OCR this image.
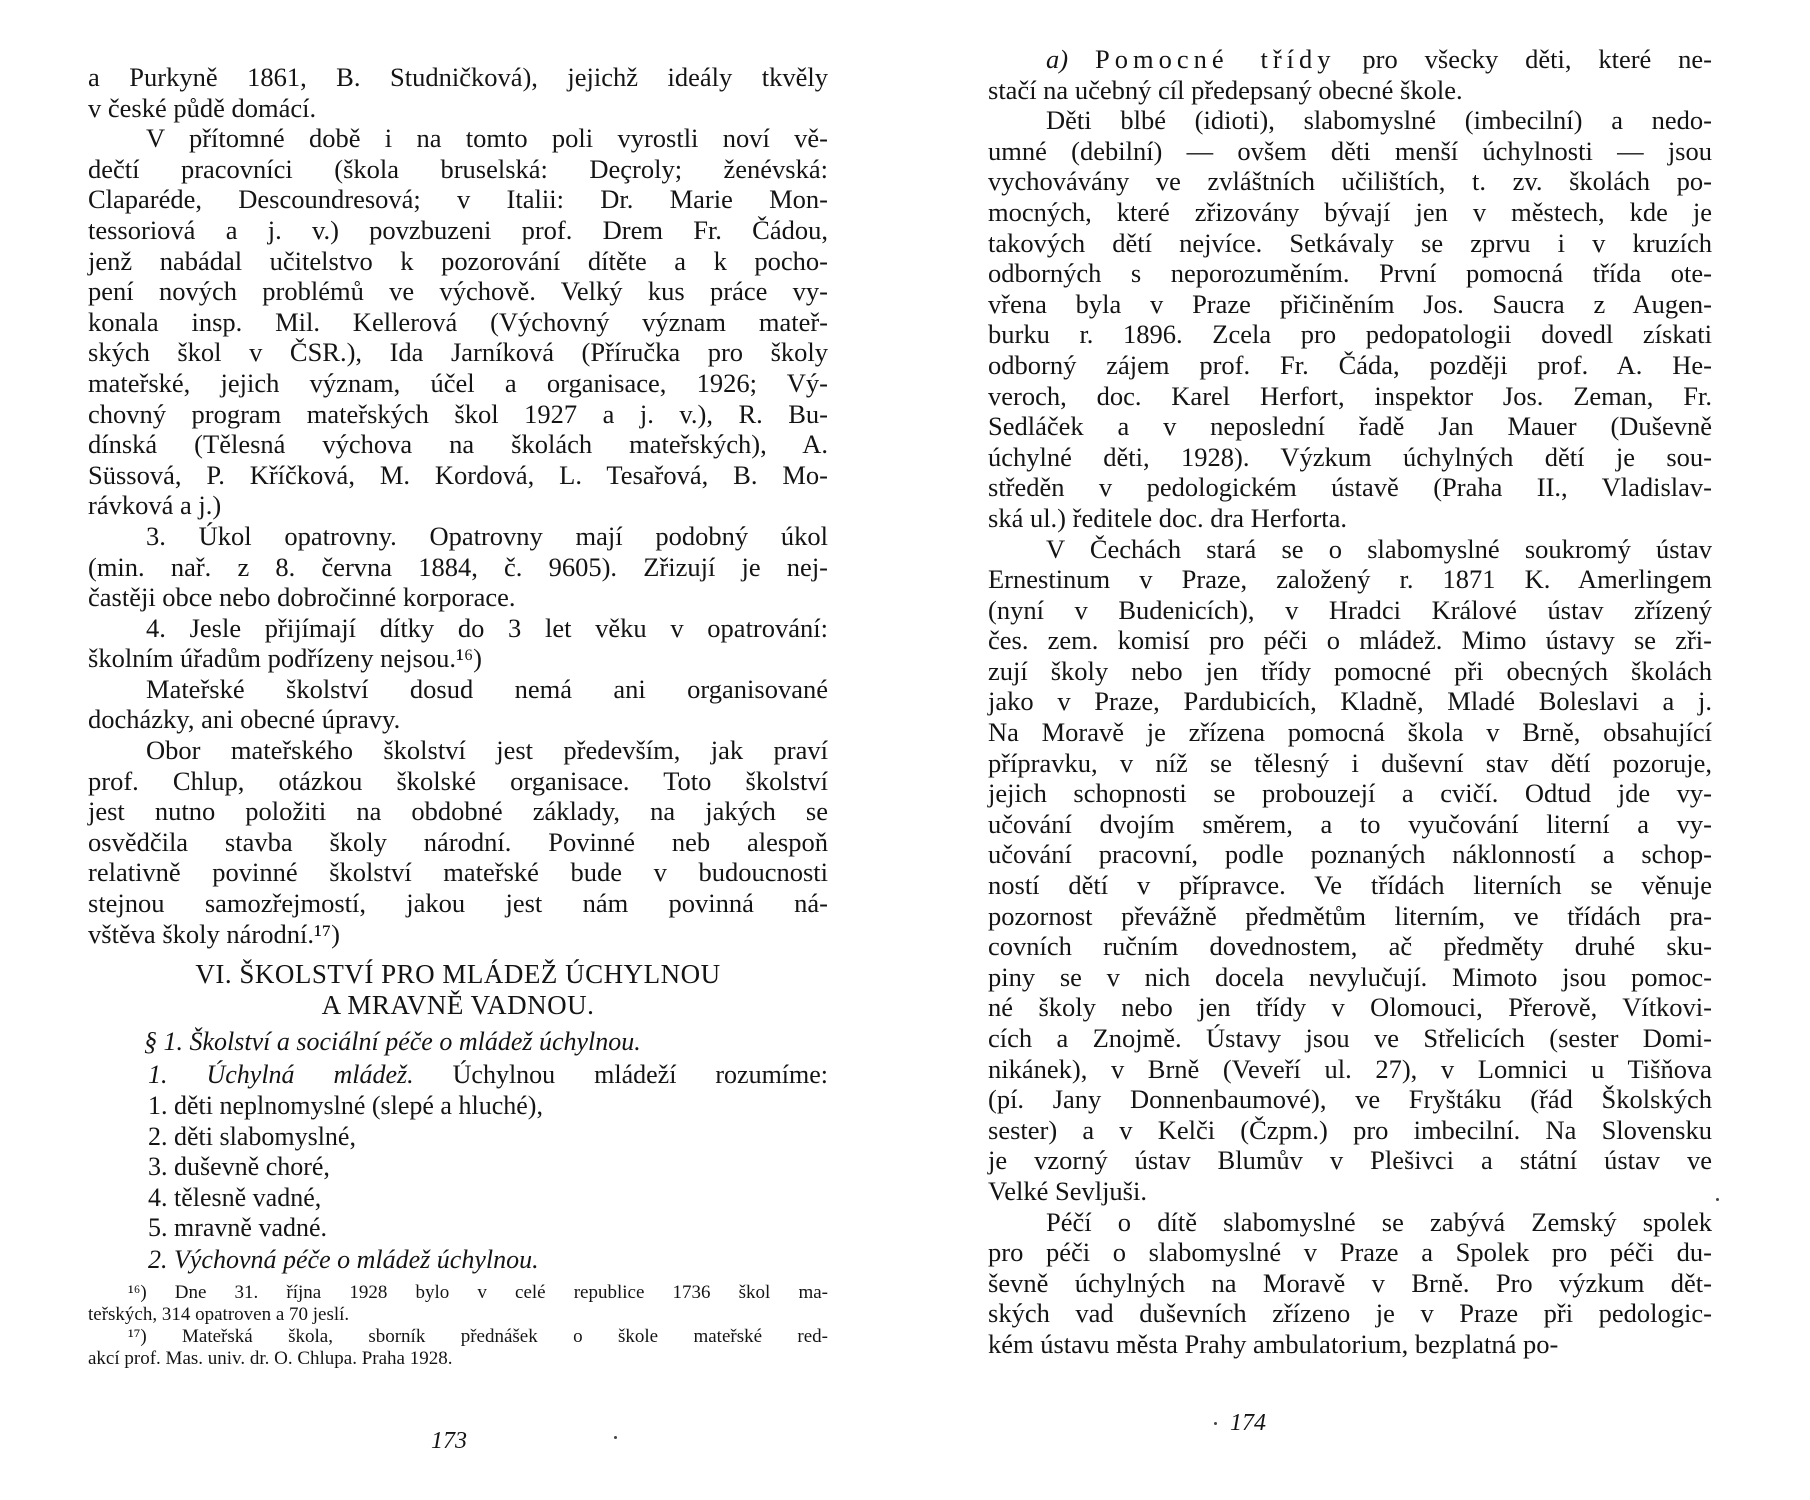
a Purkyně 1861, B. Studničková), jejichž ideály tkvěly

v české půdě domácí.

V přítomné době i na tomto poli vyrostli noví vě-

dečtí pracovníci (škola bruselská: Deçroly; ženévská:

Claparéde, Descoundresová; v Italii: Dr. Marie Mon-

tessoriová a j. v.) povzbuzeni prof. Drem Fr. Čádou,

jenž nabádal učitelstvo k pozorování dítěte a k pocho-

pení nových problémů ve výchově. Velký kus práce vy-

konala insp. Mil. Kellerová (Výchovný význam mateř-

ských škol v ČSR.), Ida Jarníková (Příručka pro školy

mateřské, jejich význam, účel a organisace, 1926; Vý-

chovný program mateřských škol 1927 a j. v.), R. Bu-

dínská (Tělesná výchova na školách mateřských), A.

Süssová, P. Kříčková, M. Kordová, L. Tesařová, B. Mo-

rávková a j.)

3. Úkol opatrovny. Opatrovny mají podobný úkol

(min. nař. z 8. června 1884, č. 9605). Zřizují je nej-

častěji obce nebo dobročinné korporace.

4. Jesle přijímají dítky do 3 let věku v opatrování:

školním úřadům podřízeny nejsou.¹⁶)

Mateřské školství dosud nemá ani organisované

docházky, ani obecné úpravy.

Obor mateřského školství jest především, jak praví

prof. Chlup, otázkou školské organisace. Toto školství

jest nutno položiti na obdobné základy, na jakých se

osvědčila stavba školy národní. Povinné neb alespoň

relativně povinné školství mateřské bude v budoucnosti

stejnou samozřejmostí, jakou jest nám povinná ná-

vštěva školy národní.¹⁷)

VI. ŠKOLSTVÍ PRO MLÁDEŽ ÚCHYLNOU
A MRAVNĚ VADNOU.

§ 1. Školství a sociální péče o mládež úchylnou.

1. Úchylná mládež. Úchylnou mládeží rozumíme:

1. děti neplnomyslné (slepé a hluché),

2. děti slabomyslné,

3. duševně choré,

4. tělesně vadné,

5. mravně vadné.

2. Výchovná péče o mládež úchylnou.

¹⁶) Dne 31. října 1928 bylo v celé republice 1736 škol ma-

teřských, 314 opatroven a 70 jeslí.

¹⁷) Mateřská škola, sborník přednášek o škole mateřské red-

akcí prof. Mas. univ. dr. O. Chlupa. Praha 1928.

173

a) Pomocné třídy pro všecky děti, které ne-

stačí na učebný cíl předepsaný obecné škole.

Děti blbé (idioti), slabomyslné (imbecilní) a nedo-

umné (debilní) — ovšem děti menší úchylnosti — jsou

vychovávány ve zvláštních učilištích, t. zv. školách po-

mocných, které zřizovány bývají jen v městech, kde je

takových dětí nejvíce. Setkávaly se zprvu i v kruzích

odborných s neporozuměním. První pomocná třída ote-

vřena byla v Praze přičiněním Jos. Saucra z Augen-

burku r. 1896. Zcela pro pedopatologii dovedl získati

odborný zájem prof. Fr. Čáda, později prof. A. He-

veroch, doc. Karel Herfort, inspektor Jos. Zeman, Fr.

Sedláček a v neposlední řadě Jan Mauer (Duševně

úchylné děti, 1928). Výzkum úchylných dětí je sou-

středěn v pedologickém ústavě (Praha II., Vladislav-

ská ul.) ředitele doc. dra Herforta.

V Čechách stará se o slabomyslné soukromý ústav

Ernestinum v Praze, založený r. 1871 K. Amerlingem

(nyní v Budenicích), v Hradci Králové ústav zřízený

čes. zem. komisí pro péči o mládež. Mimo ústavy se zři-

zují školy nebo jen třídy pomocné při obecných školách

jako v Praze, Pardubicích, Kladně, Mladé Boleslavi a j.

Na Moravě je zřízena pomocná škola v Brně, obsahující

přípravku, v níž se tělesný i duševní stav dětí pozoruje,

jejich schopnosti se probouzejí a cvičí. Odtud jde vy-

učování dvojím směrem, a to vyučování literní a vy-

učování pracovní, podle poznaných náklonností a schop-

ností dětí v přípravce. Ve třídách literních se věnuje

pozornost převážně předmětům literním, ve třídách pra-

covních ručním dovednostem, ač předměty druhé sku-

piny se v nich docela nevylučují. Mimoto jsou pomoc-

né školy nebo jen třídy v Olomouci, Přerově, Vítkovi-

cích a Znojmě. Ústavy jsou ve Střelicích (sester Domi-

nikánek), v Brně (Veveří ul. 27), v Lomnici u Tišňova

(pí. Jany Donnenbaumové), ve Fryštáku (řád Školských

sester) a v Kelči (Čzpm.) pro imbecilní. Na Slovensku

je vzorný ústav Blumův v Plešivci a státní ústav ve

Velké Sevljuši.

Péčí o dítě slabomyslné se zabývá Zemský spolek

pro péči o slabomyslné v Praze a Spolek pro péči du-

ševně úchylných na Moravě v Brně. Pro výzkum dět-

ských vad duševních zřízeno je v Praze při pedologic-

kém ústavu města Prahy ambulatorium, bezplatná po-

174
